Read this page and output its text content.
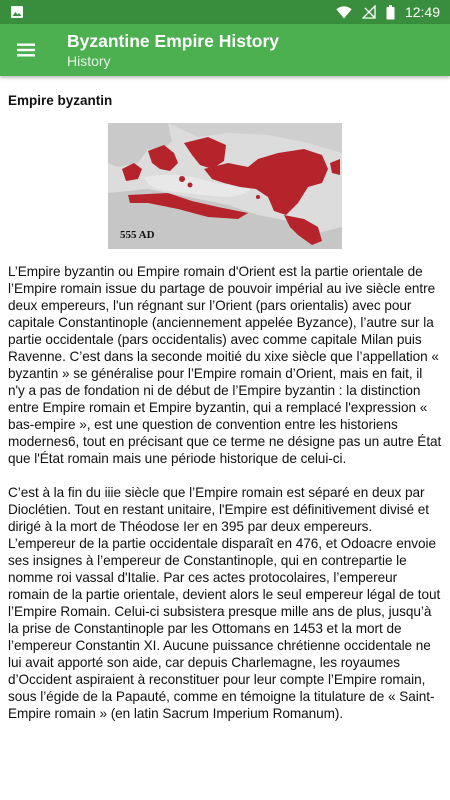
12:49
Byzantine Empire History
History
Empire byzantin
555 AD

L’Empire byzantin ou Empire romain d'Orient est la partie orientale de l’Empire romain issue du partage de pouvoir impérial au ive siècle entre deux empereurs, l'un régnant sur l’Orient (pars orientalis) avec pour capitale Constantinople (anciennement appelée Byzance), l’autre sur la partie occidentale (pars occidentalis) avec comme capitale Milan puis Ravenne. C’est dans la seconde moitié du xixe siècle que l’appellation « byzantin » se généralise pour l’Empire romain d’Orient, mais en fait, il n'y a pas de fondation ni de début de l’Empire byzantin : la distinction entre Empire romain et Empire byzantin, qui a remplacé l'expression « bas-empire », est une question de convention entre les historiens modernes6, tout en précisant que ce terme ne désigne pas un autre État que l'État romain mais une période historique de celui-ci.

C’est à la fin du iiie siècle que l’Empire romain est séparé en deux par Dioclétien. Tout en restant unitaire, l'Empire est définitivement divisé et dirigé à la mort de Théodose Ier en 395 par deux empereurs. L’empereur de la partie occidentale disparaît en 476, et Odoacre envoie ses insignes à l’empereur de Constantinople, qui en contrepartie le nomme roi vassal d'Italie. Par ces actes protocolaires, l’empereur romain de la partie orientale, devient alors le seul empereur légal de tout l’Empire Romain. Celui-ci subsistera presque mille ans de plus, jusqu’à la prise de Constantinople par les Ottomans en 1453 et la mort de l’empereur Constantin XI. Aucune puissance chrétienne occidentale ne lui avait apporté son aide, car depuis Charlemagne, les royaumes d’Occident aspiraient à reconstituer pour leur compte l’Empire romain, sous l’égide de la Papauté, comme en témoigne la titulature de « Saint-Empire romain » (en latin Sacrum Imperium Romanum).
